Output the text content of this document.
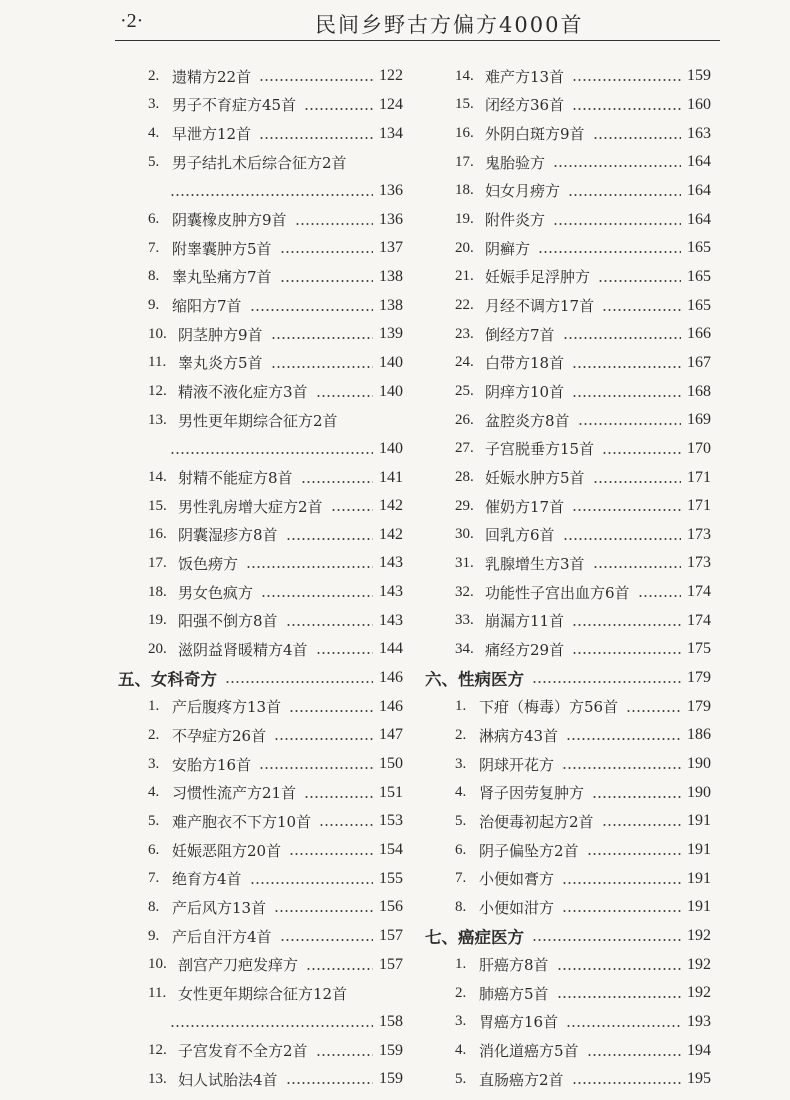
·2·	民间乡野古方偏方4000首
2. 遗精方22首	122
3. 男子不育症方45首	124
4. 早泄方12首	134
5. 男子结扎术后综合征方2首
136
6. 阴囊橡皮肿方9首	136
7. 附睾囊肿方5首	137
8. 睾丸坠痛方7首	138
9. 缩阳方7首	138
10. 阴茎肿方9首	139
11. 睾丸炎方5首	140
12. 精液不液化症方3首	140
13. 男性更年期综合征方2首
140
14. 射精不能症方8首	141
15. 男性乳房增大症方2首	142
16. 阴囊湿疹方8首	142
17. 饭色痨方	143
18. 男女色疯方	143
19. 阳强不倒方8首	143
20. 滋阴益肾暖精方4首	144
五、女科奇方	146
1. 产后腹疼方13首	146
2. 不孕症方26首	147
3. 安胎方16首	150
4. 习惯性流产方21首	151
5. 难产胞衣不下方10首	153
6. 妊娠恶阻方20首	154
7. 绝育方4首	155
8. 产后风方13首	156
9. 产后自汗方4首	157
10. 剖宫产刀疤发痒方	157
11. 女性更年期综合征方12首
158
12. 子宫发育不全方2首	159
13. 妇人试胎法4首	159
14. 难产方13首	159
15. 闭经方36首	160
16. 外阴白斑方9首	163
17. 鬼胎验方	164
18. 妇女月痨方	164
19. 附件炎方	164
20. 阴癣方	165
21. 妊娠手足浮肿方	165
22. 月经不调方17首	165
23. 倒经方7首	166
24. 白带方18首	167
25. 阴痒方10首	168
26. 盆腔炎方8首	169
27. 子宫脱垂方15首	170
28. 妊娠水肿方5首	171
29. 催奶方17首	171
30. 回乳方6首	173
31. 乳腺增生方3首	173
32. 功能性子宫出血方6首	174
33. 崩漏方11首	174
34. 痛经方29首	175
六、性病医方	179
1. 下疳（梅毒）方56首	179
2. 淋病方43首	186
3. 阴球开花方	190
4. 肾子因劳复肿方	190
5. 治便毒初起方2首	191
6. 阴子偏坠方2首	191
7. 小便如膏方	191
8. 小便如泔方	191
七、癌症医方	192
1. 肝癌方8首	192
2. 肺癌方5首	192
3. 胃癌方16首	193
4. 消化道癌方5首	194
5. 直肠癌方2首	195
